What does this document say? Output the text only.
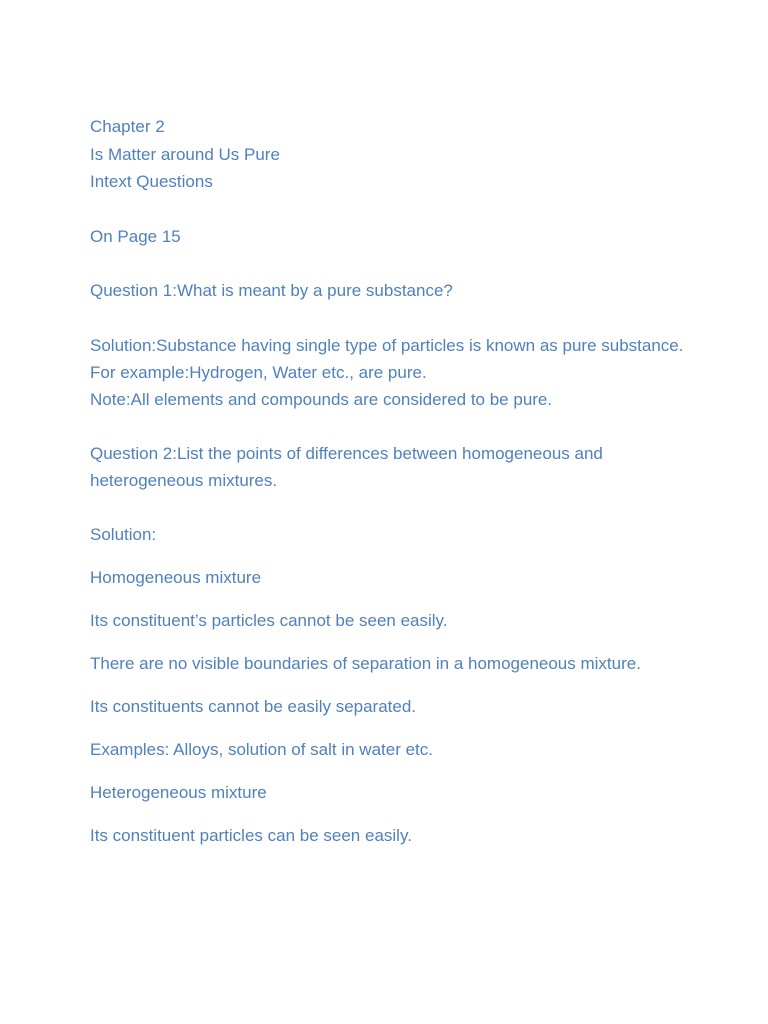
Chapter 2

Is Matter around Us Pure

Intext Questions

On Page 15

Question 1:What is meant by a pure substance?

Solution:Substance having single type of particles is known as pure substance.

For example:Hydrogen, Water etc., are pure.

Note:All elements and compounds are considered to be pure.

Question 2:List the points of differences between homogeneous and heterogeneous mixtures.

Solution:

Homogeneous mixture

Its constituent’s particles cannot be seen easily.

There are no visible boundaries of separation in a homogeneous mixture.

Its constituents cannot be easily separated.

Examples: Alloys, solution of salt in water etc.

Heterogeneous mixture

Its constituent particles can be seen easily.
